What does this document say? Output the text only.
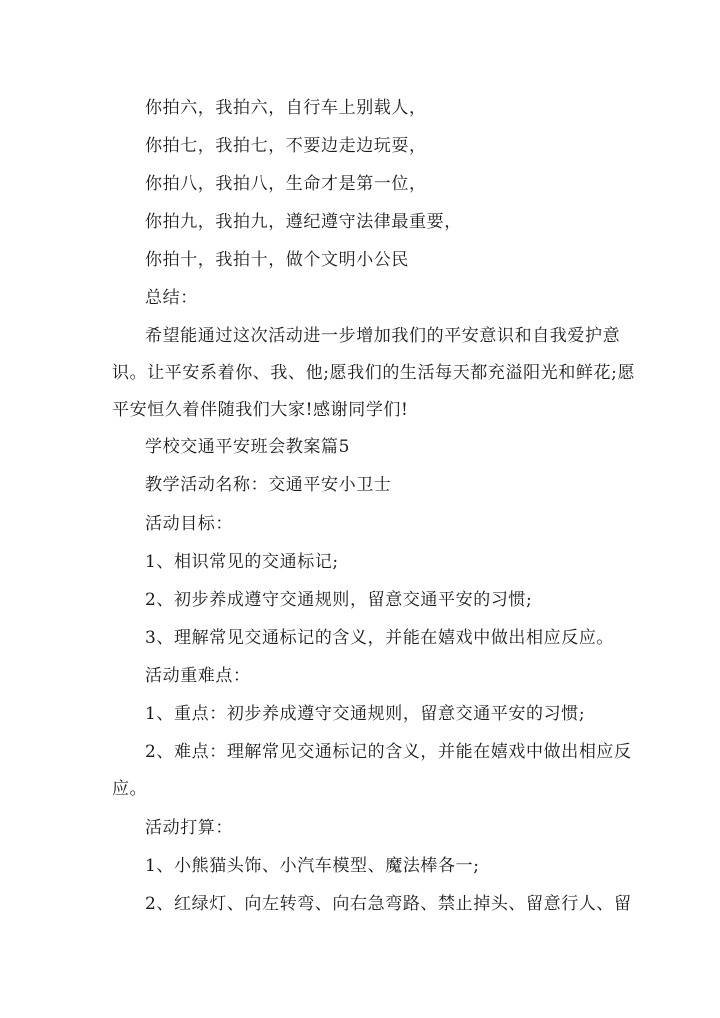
你拍六，我拍六，自行车上别载人，
你拍七，我拍七，不要边走边玩耍，
你拍八，我拍八，生命才是第一位，
你拍九，我拍九，遵纪遵守法律最重要，
你拍十，我拍十，做个文明小公民
总结：
希望能通过这次活动进一步增加我们的平安意识和自我爱护意
识。让平安系着你、我、他;愿我们的生活每天都充溢阳光和鲜花;愿
平安恒久着伴随我们大家!感谢同学们!
学校交通平安班会教案篇5
教学活动名称：交通平安小卫士
活动目标：
1、相识常见的交通标记;
2、初步养成遵守交通规则，留意交通平安的习惯;
3、理解常见交通标记的含义，并能在嬉戏中做出相应反应。
活动重难点：
1、重点：初步养成遵守交通规则，留意交通平安的习惯;
2、难点：理解常见交通标记的含义，并能在嬉戏中做出相应反
应。
活动打算：
1、小熊猫头饰、小汽车模型、魔法棒各一;
2、红绿灯、向左转弯、向右急弯路、禁止掉头、留意行人、留
